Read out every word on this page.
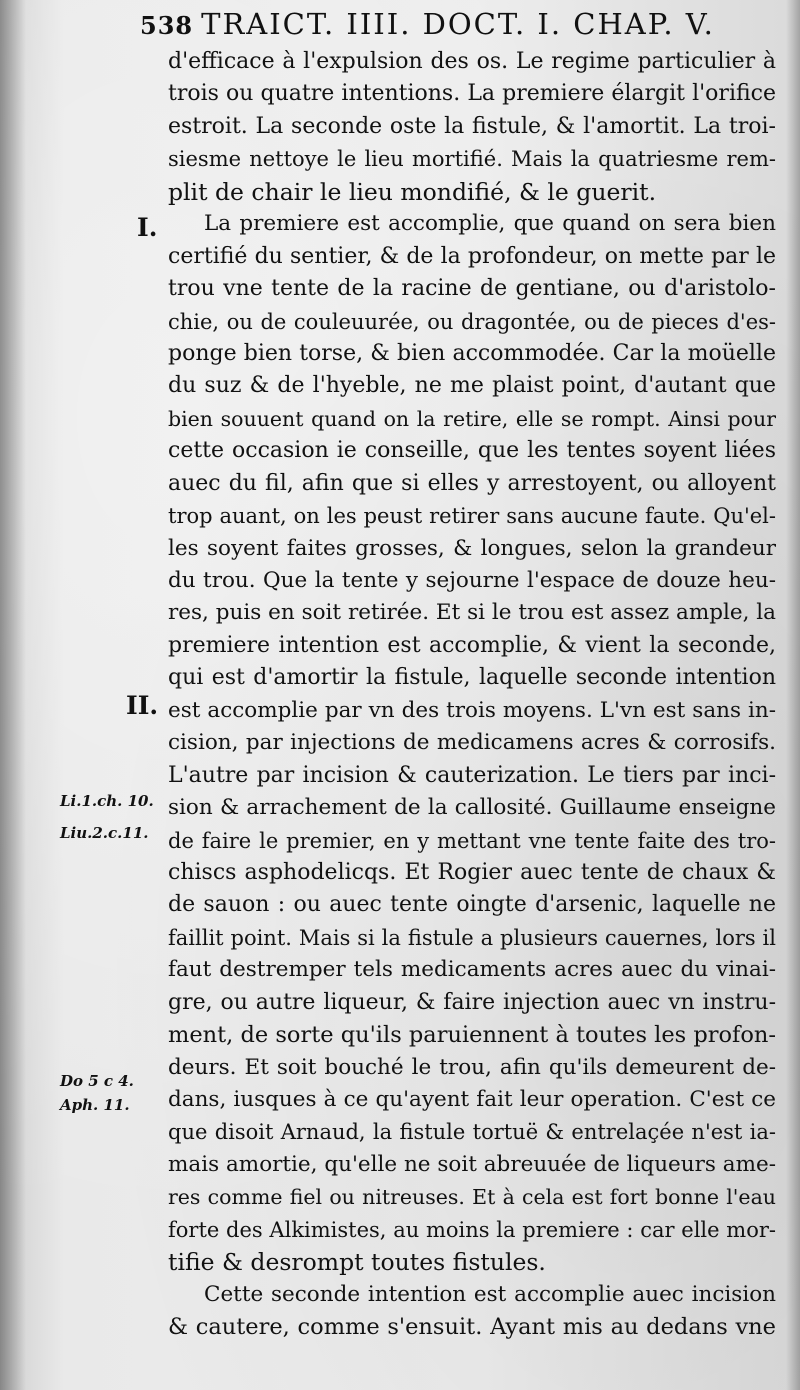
538 TRAICT. IIII. DOCT. I. CHAP. V.
I.
II.
Li.1.ch. 10.
Liu.2.c.11.
Do 5 c 4.
Aph. 11.
d'efficace à l'expulsion des os. Le regime particulier à
trois ou quatre intentions. La premiere élargit l'orifice
estroit. La seconde oste la fistule, & l'amortit. La troi-
siesme nettoye le lieu mortifié. Mais la quatriesme rem-
plit de chair le lieu mondifié, & le guerit.
La premiere est accomplie, que quand on sera bien
certifié du sentier, & de la profondeur, on mette par le
trou vne tente de la racine de gentiane, ou d'aristolo-
chie, ou de couleuurée, ou dragontée, ou de pieces d'es-
ponge bien torse, & bien accommodée. Car la moüelle
du suz & de l'hyeble, ne me plaist point, d'autant que
bien souuent quand on la retire, elle se rompt. Ainsi pour
cette occasion ie conseille, que les tentes soyent liées
auec du fil, afin que si elles y arrestoyent, ou alloyent
trop auant, on les peust retirer sans aucune faute. Qu'el-
les soyent faites grosses, & longues, selon la grandeur
du trou. Que la tente y sejourne l'espace de douze heu-
res, puis en soit retirée. Et si le trou est assez ample, la
premiere intention est accomplie, & vient la seconde,
qui est d'amortir la fistule, laquelle seconde intention
est accomplie par vn des trois moyens. L'vn est sans in-
cision, par injections de medicamens acres & corrosifs.
L'autre par incision & cauterization. Le tiers par inci-
sion & arrachement de la callosité. Guillaume enseigne
de faire le premier, en y mettant vne tente faite des tro-
chiscs asphodelicqs. Et Rogier auec tente de chaux &
de sauon : ou auec tente oingte d'arsenic, laquelle ne
faillit point. Mais si la fistule a plusieurs cauernes, lors il
faut destremper tels medicaments acres auec du vinai-
gre, ou autre liqueur, & faire injection auec vn instru-
ment, de sorte qu'ils paruiennent à toutes les profon-
deurs. Et soit bouché le trou, afin qu'ils demeurent de-
dans, iusques à ce qu'ayent fait leur operation. C'est ce
que disoit Arnaud, la fistule tortuë & entrelaçée n'est ia-
mais amortie, qu'elle ne soit abreuuée de liqueurs ame-
res comme fiel ou nitreuses. Et à cela est fort bonne l'eau
forte des Alkimistes, au moins la premiere : car elle mor-
tifie & desrompt toutes fistules.
Cette seconde intention est accomplie auec incision
& cautere, comme s'ensuit. Ayant mis au dedans vne
